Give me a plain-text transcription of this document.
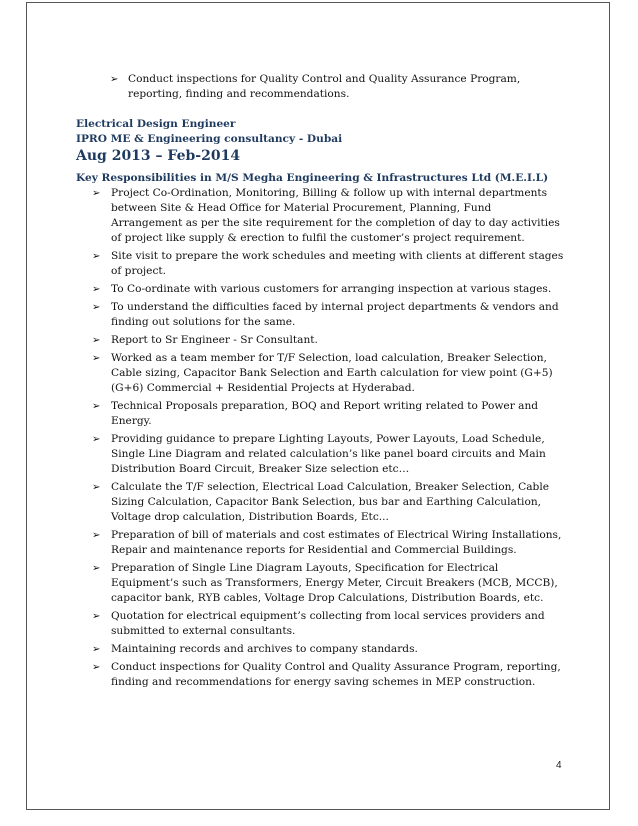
➢ Conduct inspections for Quality Control and Quality Assurance Program, reporting, finding and recommendations.
Electrical Design Engineer
IPRO ME & Engineering consultancy - Dubai
Aug 2013 – Feb-2014
Key Responsibilities in M/S Megha Engineering & Infrastructures Ltd (M.E.I.L)
➢ Project Co-Ordination, Monitoring, Billing & follow up with internal departments between Site & Head Office for Material Procurement, Planning, Fund Arrangement as per the site requirement for the completion of day to day activities of project like supply & erection to fulfil the customer’s project requirement.
➢ Site visit to prepare the work schedules and meeting with clients at different stages of project.
➢ To Co-ordinate with various customers for arranging inspection at various stages.
➢ To understand the difficulties faced by internal project departments & vendors and finding out solutions for the same.
➢ Report to Sr Engineer - Sr Consultant.
➢ Worked as a team member for T/F Selection, load calculation, Breaker Selection, Cable sizing, Capacitor Bank Selection and Earth calculation for view point (G+5)(G+6) Commercial + Residential Projects at Hyderabad.
➢ Technical Proposals preparation, BOQ and Report writing related to Power and Energy.
➢ Providing guidance to prepare Lighting Layouts, Power Layouts, Load Schedule, Single Line Diagram and related calculation’s like panel board circuits and Main Distribution Board Circuit, Breaker Size selection etc…
➢ Calculate the T/F selection, Electrical Load Calculation, Breaker Selection, Cable Sizing Calculation, Capacitor Bank Selection, bus bar and Earthing Calculation, Voltage drop calculation, Distribution Boards, Etc...
➢ Preparation of bill of materials and cost estimates of Electrical Wiring Installations, Repair and maintenance reports for Residential and Commercial Buildings.
➢ Preparation of Single Line Diagram Layouts, Specification for Electrical Equipment’s such as Transformers, Energy Meter, Circuit Breakers (MCB, MCCB), capacitor bank, RYB cables, Voltage Drop Calculations, Distribution Boards, etc.
➢ Quotation for electrical equipment’s collecting from local services providers and submitted to external consultants.
➢ Maintaining records and archives to company standards.
➢ Conduct inspections for Quality Control and Quality Assurance Program, reporting, finding and recommendations for energy saving schemes in MEP construction.
4
